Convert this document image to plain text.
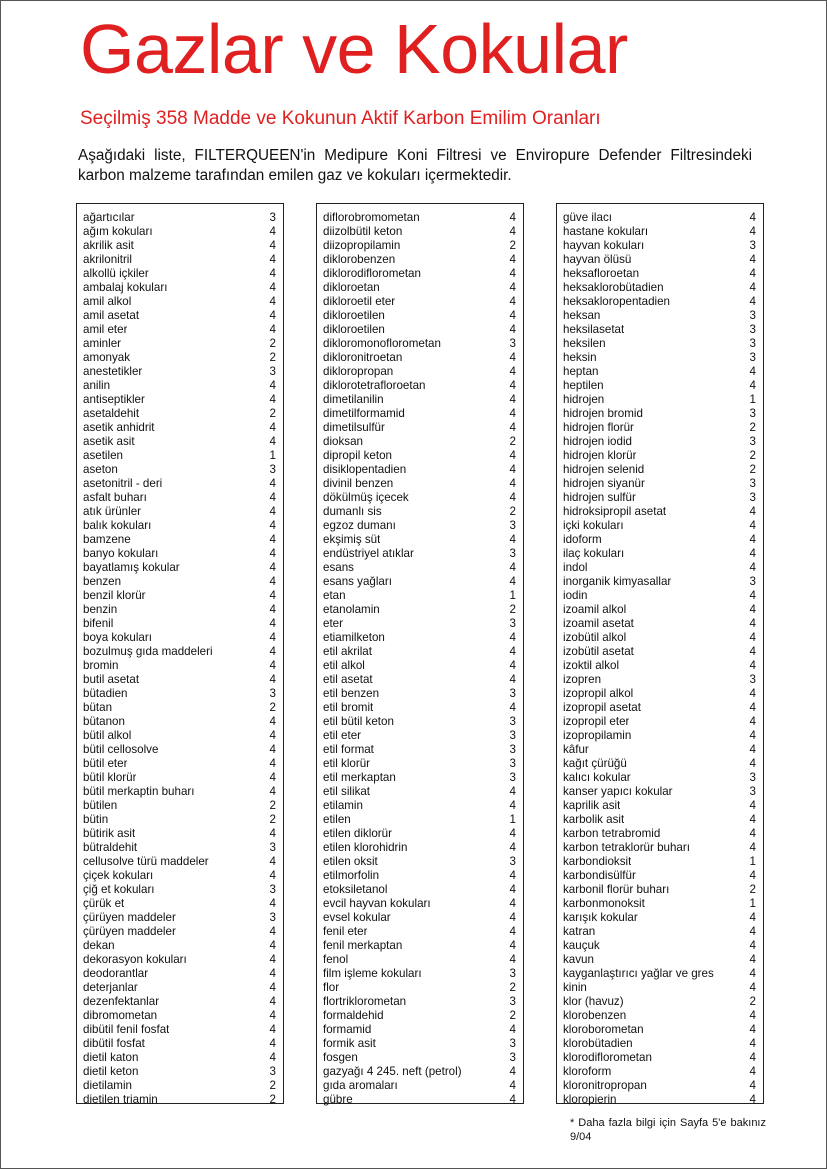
Gazlar ve Kokular

Seçilmiş 358 Madde ve Kokunun Aktif Karbon Emilim Oranları

Aşağıdaki liste, FILTERQUEEN'in Medipure Koni Filtresi ve Enviropure Defender Filtresindeki karbon malzeme tarafından emilen gaz ve kokuları içermektedir.

ağartıcılar	3
ağım kokuları	4
akrilik asit	4
akrilonitril	4
alkollü içkiler	4
ambalaj kokuları	4
amil alkol	4
amil asetat	4
amil eter	4
aminler	2
amonyak	2
anestetikler	3
anilin	4
antiseptikler	4
asetaldehit	2
asetik anhidrit	4
asetik asit	4
asetilen	1
aseton	3
asetonitril - deri	4
asfalt buharı	4
atık ürünler	4
balık kokuları	4
bamzene	4
banyo kokuları	4
bayatlamış kokular	4
benzen	4
benzil klorür	4
benzin	4
bifenil	4
boya kokuları	4
bozulmuş gıda maddeleri	4
bromin	4
butil asetat	4
bütadien	3
bütan	2
bütanon	4
bütil alkol	4
bütil cellosolve	4
bütil eter	4
bütil klorür	4
bütil merkaptin buharı	4
bütilen	2
bütin	2
bütirik asit	4
bütraldehit	3
cellusolve türü maddeler	4
çiçek kokuları	4
çiğ et kokuları	3
çürük et	4
çürüyen maddeler	3
çürüyen maddeler	4
dekan	4
dekorasyon kokuları	4
deodorantlar	4
deterjanlar	4
dezenfektanlar	4
dibromometan	4
dibütil fenil fosfat	4
dibütil fosfat	4
dietil katon	4
dietil keton	3
dietilamin	2
dietilen triamin	2
diflorobromometan	4
diizolbütil keton	4
diizopropilamin	2
diklorobenzen	4
diklorodiflorometan	4
dikloroetan	4
dikloroetil eter	4
dikloroetilen	4
dikloroetilen	4
dikloromonoflorometan	3
dikloronitroetan	4
dikloropropan	4
diklorotetrafloroetan	4
dimetilanilin	4
dimetilformamid	4
dimetilsulfür	4
dioksan	2
dipropil keton	4
disiklopentadien	4
divinil benzen	4
dökülmüş içecek	4
dumanlı sis	2
egzoz dumanı	3
ekşimiş süt	4
endüstriyel atıklar	3
esans	4
esans yağları	4
etan	1
etanolamin	2
eter	3
etiamilketon	4
etil akrilat	4
etil alkol	4
etil asetat	4
etil benzen	3
etil bromit	4
etil bütil keton	3
etil eter	3
etil format	3
etil klorür	3
etil merkaptan	3
etil silikat	4
etilamin	4
etilen	1
etilen diklorür	4
etilen klorohidrin	4
etilen oksit	3
etilmorfolin	4
etoksiletanol	4
evcil hayvan kokuları	4
evsel kokular	4
fenil eter	4
fenil merkaptan	4
fenol	4
film işleme kokuları	3
flor	2
flortriklorometan	3
formaldehid	2
formamid	4
formik asit	3
fosgen	3
gazyağı 4 245. neft (petrol)	4
gıda aromaları	4
gübre	4
güve ilacı	4
hastane kokuları	4
hayvan kokuları	3
hayvan ölüsü	4
heksafloroetan	4
heksaklorobütadien	4
heksaklоropentadien	4
heksan	3
heksilasetat	3
heksilen	3
heksin	3
heptan	4
heptilen	4
hidrojen	1
hidrojen bromid	3
hidrojen florür	2
hidrojen iodid	3
hidrojen klorür	2
hidrojen selenid	2
hidrojen siyanür	3
hidrojen sulfür	3
hidroksipropil asetat	4
içki kokuları	4
idoform	4
ilaç kokuları	4
indol	4
inorganik kimyasallar	3
iodin	4
izoamil alkol	4
izoamil asetat	4
izobütil alkol	4
izobütil asetat	4
izoktil alkol	4
izopren	3
izopropil alkol	4
izopropil asetat	4
izopropil eter	4
izopropilamin	4
kâfur	4
kağıt çürüğü	4
kalıcı kokular	3
kanser yapıcı kokular	3
kaprilik asit	4
karbolik asit	4
karbon tetrabromid	4
karbon tetraklorür buharı	4
karbondioksit	1
karbondisülfür	4
karbonil florür buharı	2
karbonmonoksit	1
karışık kokular	4
katran	4
kauçuk	4
kavun	4
kayganlaştırıcı yağlar ve gres	4
kinin	4
klor (havuz)	2
klorobenzen	4
kloroborometan	4
klorobütadien	4
klorodiflorometan	4
kloroform	4
kloronitropropan	4
kloropierin	4

* Daha fazla bilgi için Sayfa 5'e bakınız 9/04
